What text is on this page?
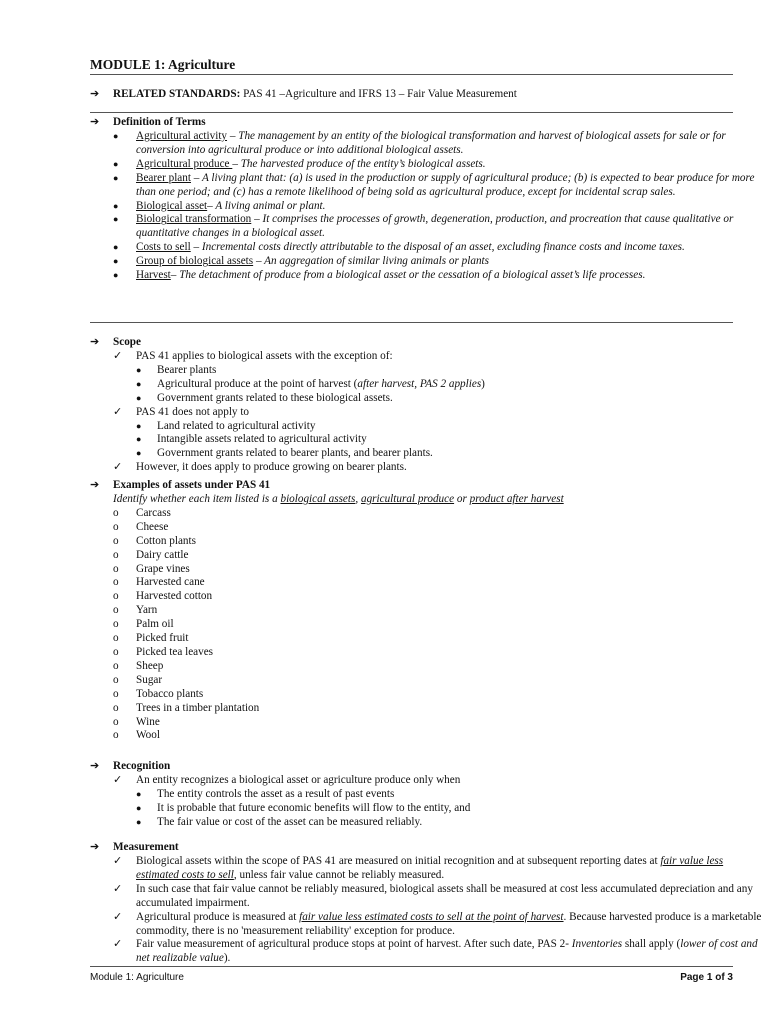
MODULE 1: Agriculture
➔ RELATED STANDARDS: PAS 41 –Agriculture and IFRS 13 – Fair Value Measurement
➔ Definition of Terms
● Agricultural activity – The management by an entity of the biological transformation and harvest of biological assets for sale or for conversion into agricultural produce or into additional biological assets.
● Agricultural produce – The harvested produce of the entity’s biological assets.
● Bearer plant – A living plant that: (a) is used in the production or supply of agricultural produce; (b) is expected to bear produce for more than one period; and (c) has a remote likelihood of being sold as agricultural produce, except for incidental scrap sales.
● Biological asset– A living animal or plant.
● Biological transformation – It comprises the processes of growth, degeneration, production, and procreation that cause qualitative or quantitative changes in a biological asset.
● Costs to sell – Incremental costs directly attributable to the disposal of an asset, excluding finance costs and income taxes.
● Group of biological assets – An aggregation of similar living animals or plants
● Harvest– The detachment of produce from a biological asset or the cessation of a biological asset’s life processes.
➔ Scope
✓ PAS 41 applies to biological assets with the exception of:
● Bearer plants
● Agricultural produce at the point of harvest (after harvest, PAS 2 applies)
● Government grants related to these biological assets.
✓ PAS 41 does not apply to
● Land related to agricultural activity
● Intangible assets related to agricultural activity
● Government grants related to bearer plants, and bearer plants.
✓ However, it does apply to produce growing on bearer plants.
➔ Examples of assets under PAS 41
Identify whether each item listed is a biological assets, agricultural produce or product after harvest
o Carcass
o Cheese
o Cotton plants
o Dairy cattle
o Grape vines
o Harvested cane
o Harvested cotton
o Yarn
o Palm oil
o Picked fruit
o Picked tea leaves
o Sheep
o Sugar
o Tobacco plants
o Trees in a timber plantation
o Wine
o Wool
➔ Recognition
✓ An entity recognizes a biological asset or agriculture produce only when
● The entity controls the asset as a result of past events
● It is probable that future economic benefits will flow to the entity, and
● The fair value or cost of the asset can be measured reliably.
➔ Measurement
✓ Biological assets within the scope of PAS 41 are measured on initial recognition and at subsequent reporting dates at fair value less estimated costs to sell, unless fair value cannot be reliably measured.
✓ In such case that fair value cannot be reliably measured, biological assets shall be measured at cost less accumulated depreciation and any accumulated impairment.
✓ Agricultural produce is measured at fair value less estimated costs to sell at the point of harvest. Because harvested produce is a marketable commodity, there is no 'measurement reliability' exception for produce.
✓ Fair value measurement of agricultural produce stops at point of harvest. After such date, PAS 2- Inventories shall apply (lower of cost and net realizable value).
Module 1: Agriculture	Page 1 of 3
